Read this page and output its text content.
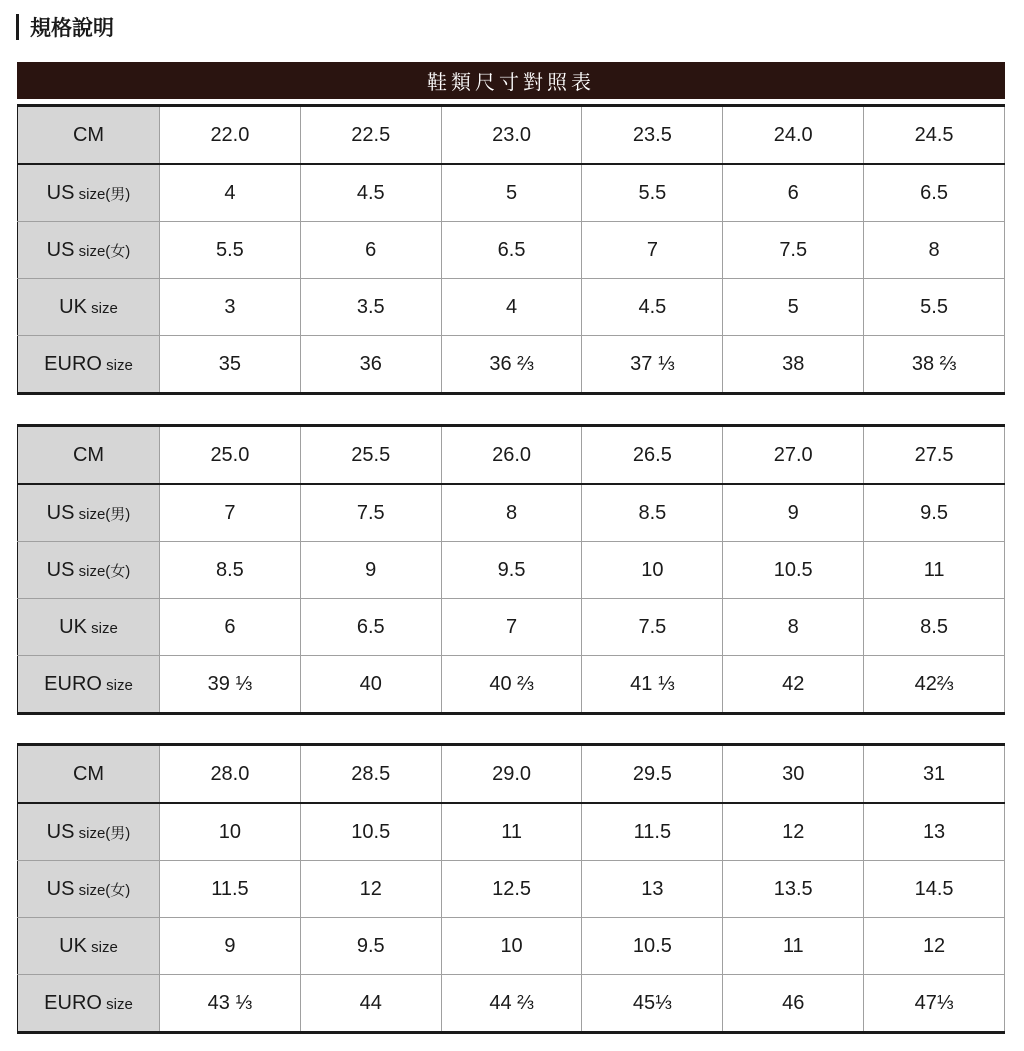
規格說明
鞋類尺寸對照表
CM	22.0	22.5	23.0	23.5	24.0	24.5
US size(男)	4	4.5	5	5.5	6	6.5
US size(女)	5.5	6	6.5	7	7.5	8
UK size	3	3.5	4	4.5	5	5.5
EURO size	35	36	36 ⅔	37 ⅓	38	38 ⅔
CM	25.0	25.5	26.0	26.5	27.0	27.5
US size(男)	7	7.5	8	8.5	9	9.5
US size(女)	8.5	9	9.5	10	10.5	11
UK size	6	6.5	7	7.5	8	8.5
EURO size	39 ⅓	40	40 ⅔	41 ⅓	42	42⅔
CM	28.0	28.5	29.0	29.5	30	31
US size(男)	10	10.5	11	11.5	12	13
US size(女)	11.5	12	12.5	13	13.5	14.5
UK size	9	9.5	10	10.5	11	12
EURO size	43 ⅓	44	44 ⅔	45⅓	46	47⅓
